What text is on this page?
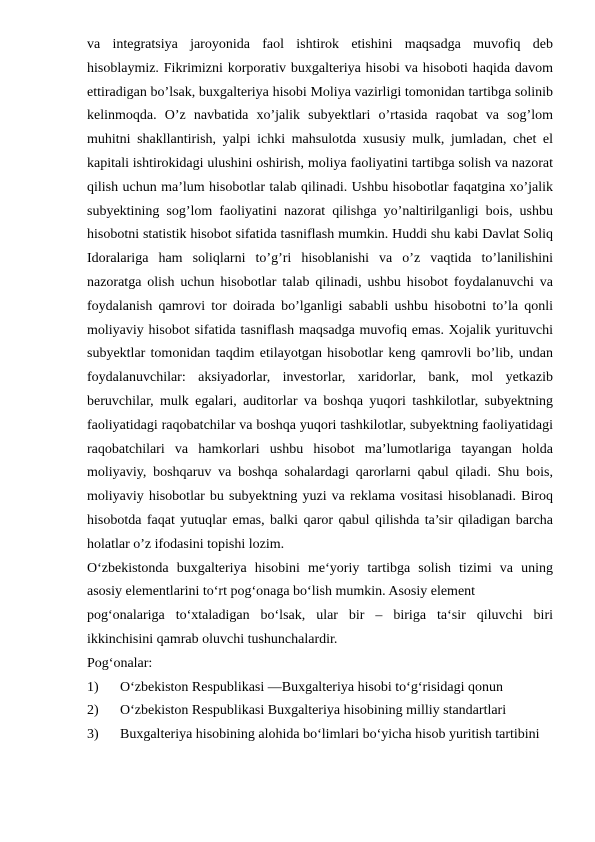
va integratsiya jaroyonida faol ishtirok etishini maqsadga muvofiq deb hisoblaymiz. Fikrimizni korporativ buxgalteriya hisobi va hisoboti haqida davom ettiradigan bo’lsak, buxgalteriya hisobi Moliya vazirligi tomonidan tartibga solinib kelinmoqda. O’z navbatida xo’jalik subyektlari o’rtasida raqobat va sog’lom muhitni shakllantirish, yalpi ichki mahsulotda xususiy mulk, jumladan, chet el kapitali ishtirokidagi ulushini oshirish, moliya faoliyatini tartibga solish va nazorat qilish uchun ma’lum hisobotlar talab qilinadi. Ushbu hisobotlar faqatgina xo’jalik subyektining sog’lom faoliyatini nazorat qilishga yo’naltirilganligi bois, ushbu hisobotni statistik hisobot sifatida tasniflash mumkin. Huddi shu kabi Davlat Soliq Idoralariga ham soliqlarni to’g’ri hisoblanishi va o’z vaqtida to’lanilishini nazoratga olish uchun hisobotlar talab qilinadi, ushbu hisobot foydalanuvchi va foydalanish qamrovi tor doirada bo’lganligi sababli ushbu hisobotni to’la qonli moliyaviy hisobot sifatida tasniflash maqsadga muvofiq emas. Xojalik yurituvchi subyektlar tomonidan taqdim etilayotgan hisobotlar keng qamrovli bo’lib, undan foydalanuvchilar: aksiyadorlar, investorlar, xaridorlar, bank, mol yetkazib beruvchilar, mulk egalari, auditorlar va boshqa yuqori tashkilotlar, subyektning faoliyatidagi raqobatchilar va boshqa yuqori tashkilotlar, subyektning faoliyatidagi raqobatchilari va hamkorlari ushbu hisobot ma’lumotlariga tayangan holda moliyaviy, boshqaruv va boshqa sohalardagi qarorlarni qabul qiladi. Shu bois, moliyaviy hisobotlar bu subyektning yuzi va reklama vositasi hisoblanadi. Biroq hisobotda faqat yutuqlar emas, balki qaror qabul qilishda ta’sir qiladigan barcha holatlar o’z ifodasini topishi lozim.

O‘zbekistonda buxgalteriya hisobini me‘yoriy tartibga solish tizimi va uning asosiy elementlarini to‘rt pog‘onaga bo‘lish mumkin. Asosiy element

pog‘onalariga to‘xtaladigan bo‘lsak, ular bir – biriga ta‘sir qiluvchi biri ikkinchisini qamrab oluvchi tushunchalardir.

Pog‘onalar:

1)	O‘zbekiston Respublikasi ―Buxgalteriya hisobi to‘g‘risidagi qonun
2)	O‘zbekiston Respublikasi Buxgalteriya hisobining milliy standartlari
3)	Buxgalteriya hisobining alohida bo‘limlari bo‘yicha hisob yuritish tartibini
